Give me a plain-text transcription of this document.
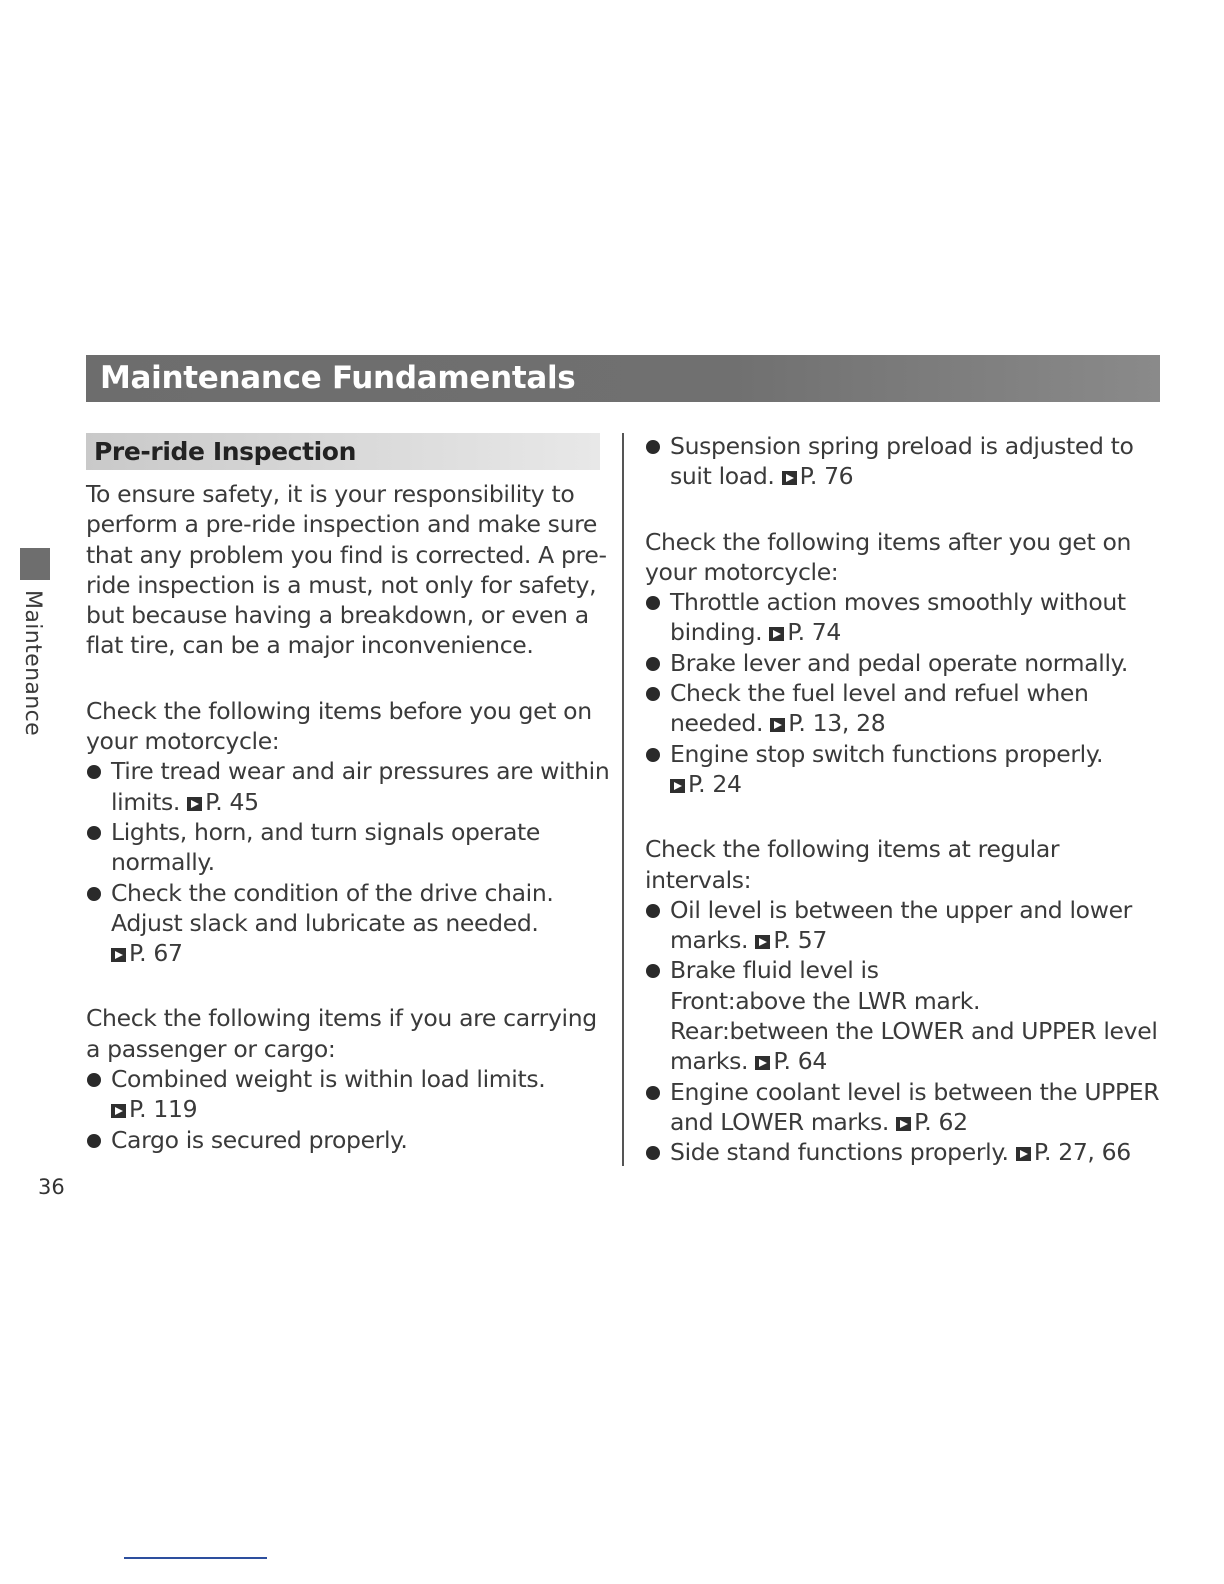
Maintenance Fundamentals
Pre-ride Inspection
Maintenance

To ensure safety, it is your responsibility to perform a pre-ride inspection and make sure that any problem you find is corrected. A pre-ride inspection is a must, not only for safety, but because having a breakdown, or even a flat tire, can be a major inconvenience.

Check the following items before you get on your motorcycle:

Tire tread wear and air pressures are within limits. P. 45
Lights, horn, and turn signals operate normally.
Check the condition of the drive chain. Adjust slack and lubricate as needed. P. 67

Check the following items if you are carrying a passenger or cargo:

Combined weight is within load limits. P. 119
Cargo is secured properly.
Suspension spring preload is adjusted to suit load. P. 76

Check the following items after you get on your motorcycle:

Throttle action moves smoothly without binding. P. 74
Brake lever and pedal operate normally.
Check the fuel level and refuel when needed. P. 13, 28
Engine stop switch functions properly. P. 24

Check the following items at regular intervals:

Oil level is between the upper and lower marks. P. 57
Brake fluid level is
Front:above the LWR mark.
Rear:between the LOWER and UPPER level marks. P. 64
Engine coolant level is between the UPPER and LOWER marks. P. 62
Side stand functions properly. P. 27, 66
36
